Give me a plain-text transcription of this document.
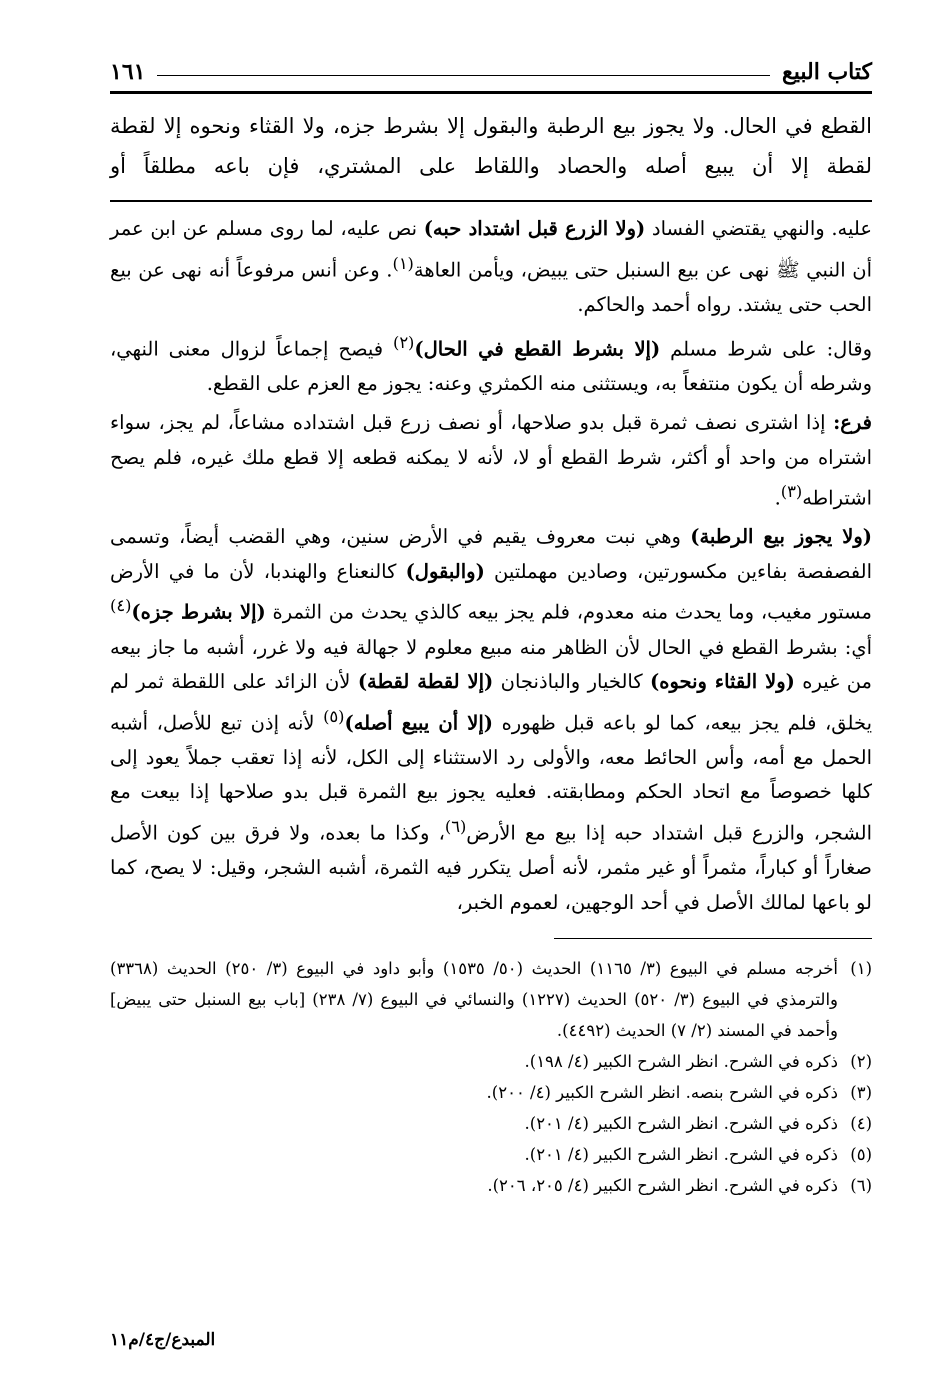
كتاب البيع
١٦١
القطع في الحال. ولا يجوز بيع الرطبة والبقول إلا بشرط جزه، ولا القثاء ونحوه إلا لقطة لقطة إلا أن يبيع أصله والحصاد واللقاط على المشتري، فإن باعه مطلقاً أو

عليه. والنهي يقتضي الفساد (ولا الزرع قبل اشتداد حبه) نص عليه، لما روى مسلم عن ابن عمر أن النبي ﷺ نهى عن بيع السنبل حتى يبيض، ويأمن العاهة$^{(١)}$. وعن أنس مرفوعاً أنه نهى عن بيع الحب حتى يشتد. رواه أحمد والحاكم.

وقال: على شرط مسلم (إلا بشرط القطع في الحال)$^{(٢)}$ فيصح إجماعاً لزوال معنى النهي، وشرطه أن يكون منتفعاً به، ويستثنى منه الكمثري وعنه: يجوز مع العزم على القطع.

فرع: إذا اشترى نصف ثمرة قبل بدو صلاحها، أو نصف زرع قبل اشتداده مشاعاً، لم يجز، سواء اشتراه من واحد أو أكثر، شرط القطع أو لا، لأنه لا يمكنه قطعه إلا قطع ملك غيره، فلم يصح اشتراطه$^{(٣)}$.

(ولا يجوز بيع الرطبة) وهي نبت معروف يقيم في الأرض سنين، وهي القضب أيضاً، وتسمى الفصفصة بفاءين مكسورتين، وصادين مهملتين (والبقول) كالنعناع والهندبا، لأن ما في الأرض مستور مغيب، وما يحدث منه معدوم، فلم يجز بيعه كالذي يحدث من الثمرة (إلا بشرط جزه)$^{(٤)}$ أي: بشرط القطع في الحال لأن الظاهر منه مبيع معلوم لا جهالة فيه ولا غرر، أشبه ما جاز بيعه من غيره (ولا القثاء ونحوه) كالخيار والباذنجان (إلا لقطة لقطة) لأن الزائد على اللقطة ثمر لم يخلق، فلم يجز بيعه، كما لو باعه قبل ظهوره (إلا أن يبيع أصله)$^{(٥)}$ لأنه إذن تبع للأصل، أشبه الحمل مع أمه، وأس الحائط معه، والأولى رد الاستثناء إلى الكل، لأنه إذا تعقب جملاً يعود إلى كلها خصوصاً مع اتحاد الحكم ومطابقته. فعليه يجوز بيع الثمرة قبل بدو صلاحها إذا بيعت مع الشجر، والزرع قبل اشتداد حبه إذا بيع مع الأرض$^{(٦)}$، وكذا ما بعده، ولا فرق بين كون الأصل صغاراً أو كباراً، مثمراً أو غير مثمر، لأنه أصل يتكرر فيه الثمرة، أشبه الشجر، وقيل: لا يصح، كما لو باعها لمالك الأصل في أحد الوجهين، لعموم الخبر،

(١)
أخرجه مسلم في البيوع (٣/ ١١٦٥) الحديث (٥٠/ ١٥٣٥) وأبو داود في البيوع (٣/ ٢٥٠) الحديث (٣٣٦٨) والترمذي في البيوع (٣/ ٥٢٠) الحديث (١٢٢٧) والنسائي في البيوع (٧/ ٢٣٨) [باب بيع السنبل حتى يبيض] وأحمد في المسند (٢/ ٧) الحديث (٤٤٩٢).
(٢)
ذكره في الشرح. انظر الشرح الكبير (٤/ ١٩٨).
(٣)
ذكره في الشرح بنصه. انظر الشرح الكبير (٤/ ٢٠٠).
(٤)
ذكره في الشرح. انظر الشرح الكبير (٤/ ٢٠١).
(٥)
ذكره في الشرح. انظر الشرح الكبير (٤/ ٢٠١).
(٦)
ذكره في الشرح. انظر الشرح الكبير (٤/ ٢٠٥، ٢٠٦).
المبدع/ج٤/م١١
